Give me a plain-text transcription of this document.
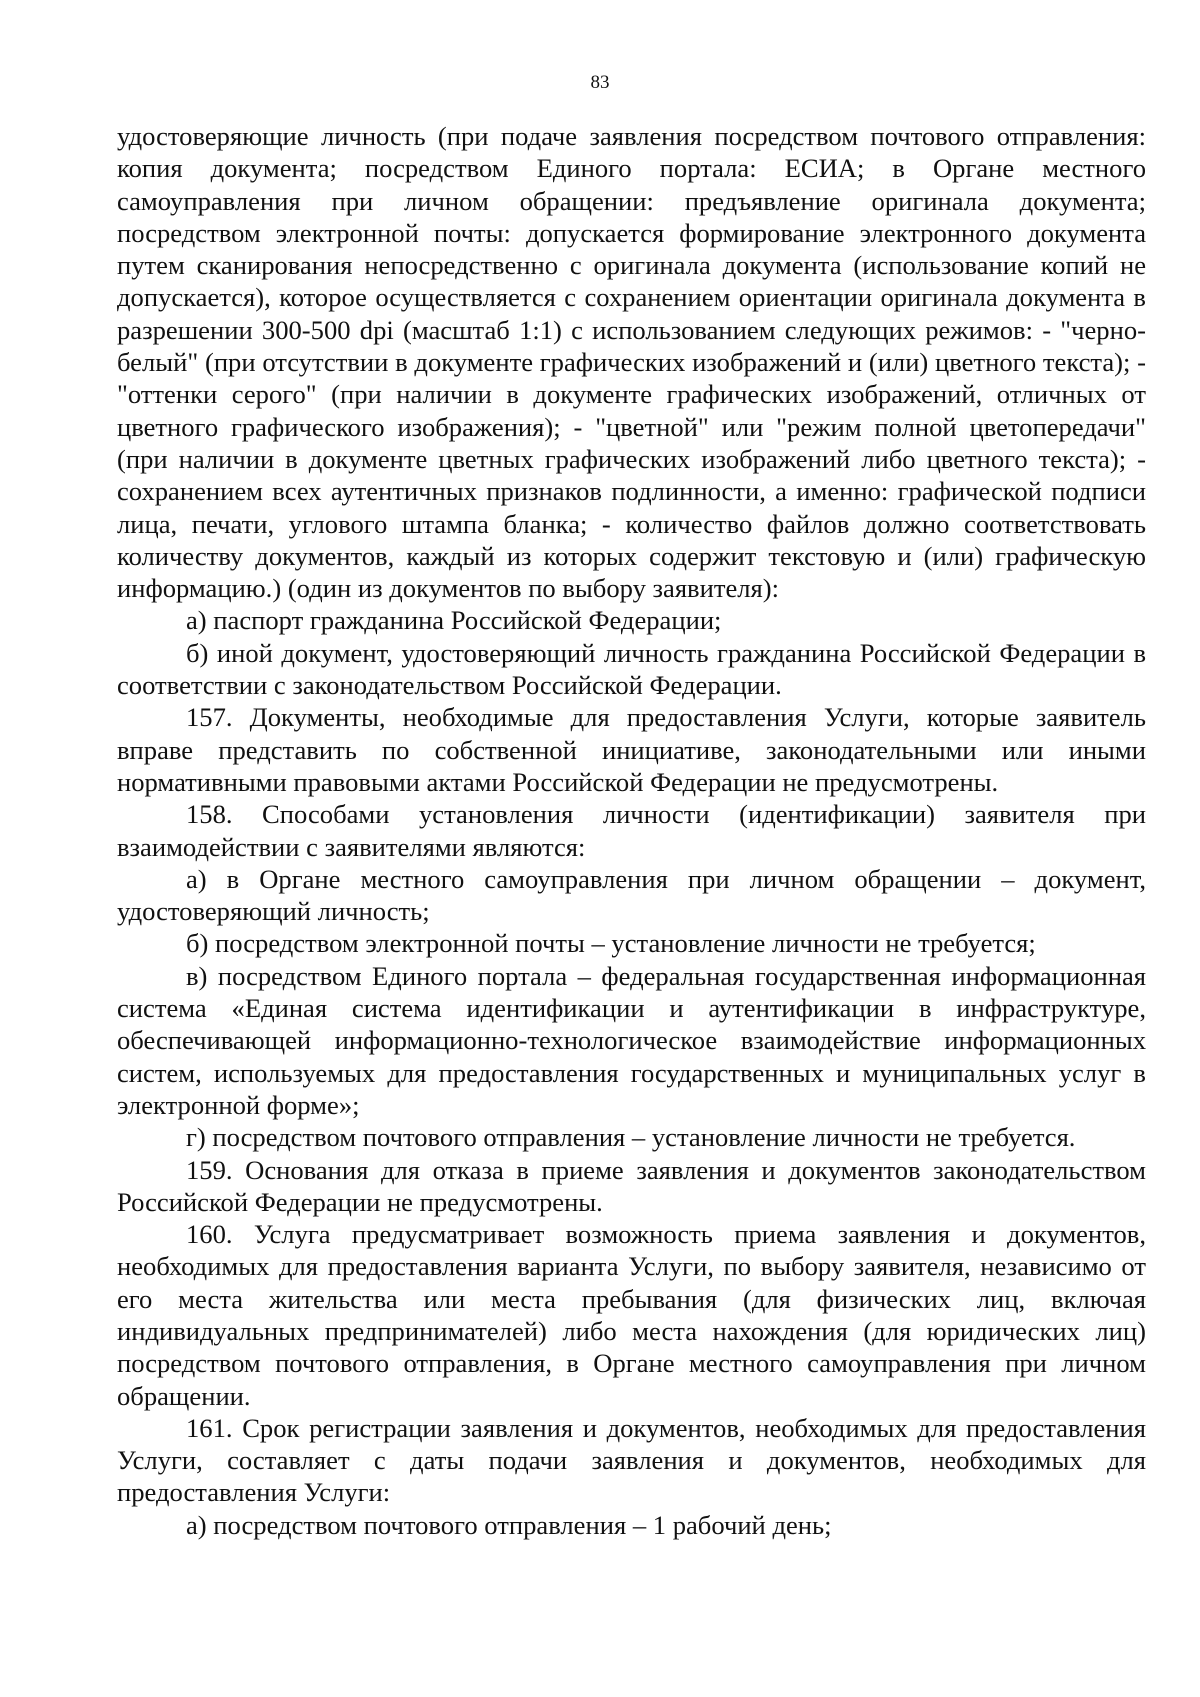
83

удостоверяющие личность (при подаче заявления посредством почтового отправления: копия документа; посредством Единого портала: ЕСИА; в Органе местного самоуправления при личном обращении: предъявление оригинала документа; посредством электронной почты: допускается формирование электронного документа путем сканирования непосредственно с оригинала документа (использование копий не допускается), которое осуществляется с сохранением ориентации оригинала документа в разрешении 300-500 dpi (масштаб 1:1) с использованием следующих режимов: - "черно-белый" (при отсутствии в документе графических изображений и (или) цветного текста); - "оттенки серого" (при наличии в документе графических изображений, отличных от цветного графического изображения); - "цветной" или "режим полной цветопередачи" (при наличии в документе цветных графических изображений либо цветного текста); - сохранением всех аутентичных признаков подлинности, а именно: графической подписи лица, печати, углового штампа бланка; - количество файлов должно соответствовать количеству документов, каждый из которых содержит текстовую и (или) графическую информацию.) (один из документов по выбору заявителя):

а) паспорт гражданина Российской Федерации;

б) иной документ, удостоверяющий личность гражданина Российской Федерации в соответствии с законодательством Российской Федерации.

157. Документы, необходимые для предоставления Услуги, которые заявитель вправе представить по собственной инициативе, законодательными или иными нормативными правовыми актами Российской Федерации не предусмотрены.

158. Способами установления личности (идентификации) заявителя при взаимодействии с заявителями являются:

а) в Органе местного самоуправления при личном обращении – документ, удостоверяющий личность;

б) посредством электронной почты – установление личности не требуется;

в) посредством Единого портала – федеральная государственная информационная система «Единая система идентификации и аутентификации в инфраструктуре, обеспечивающей информационно-технологическое взаимодействие информационных систем, используемых для предоставления государственных и муниципальных услуг в электронной форме»;

г) посредством почтового отправления – установление личности не требуется.

159. Основания для отказа в приеме заявления и документов законодательством Российской Федерации не предусмотрены.

160. Услуга предусматривает возможность приема заявления и документов, необходимых для предоставления варианта Услуги, по выбору заявителя, независимо от его места жительства или места пребывания (для физических лиц, включая индивидуальных предпринимателей) либо места нахождения (для юридических лиц) посредством почтового отправления, в Органе местного самоуправления при личном обращении.

161. Срок регистрации заявления и документов, необходимых для предоставления Услуги, составляет с даты подачи заявления и документов, необходимых для предоставления Услуги:

а) посредством почтового отправления – 1 рабочий день;
